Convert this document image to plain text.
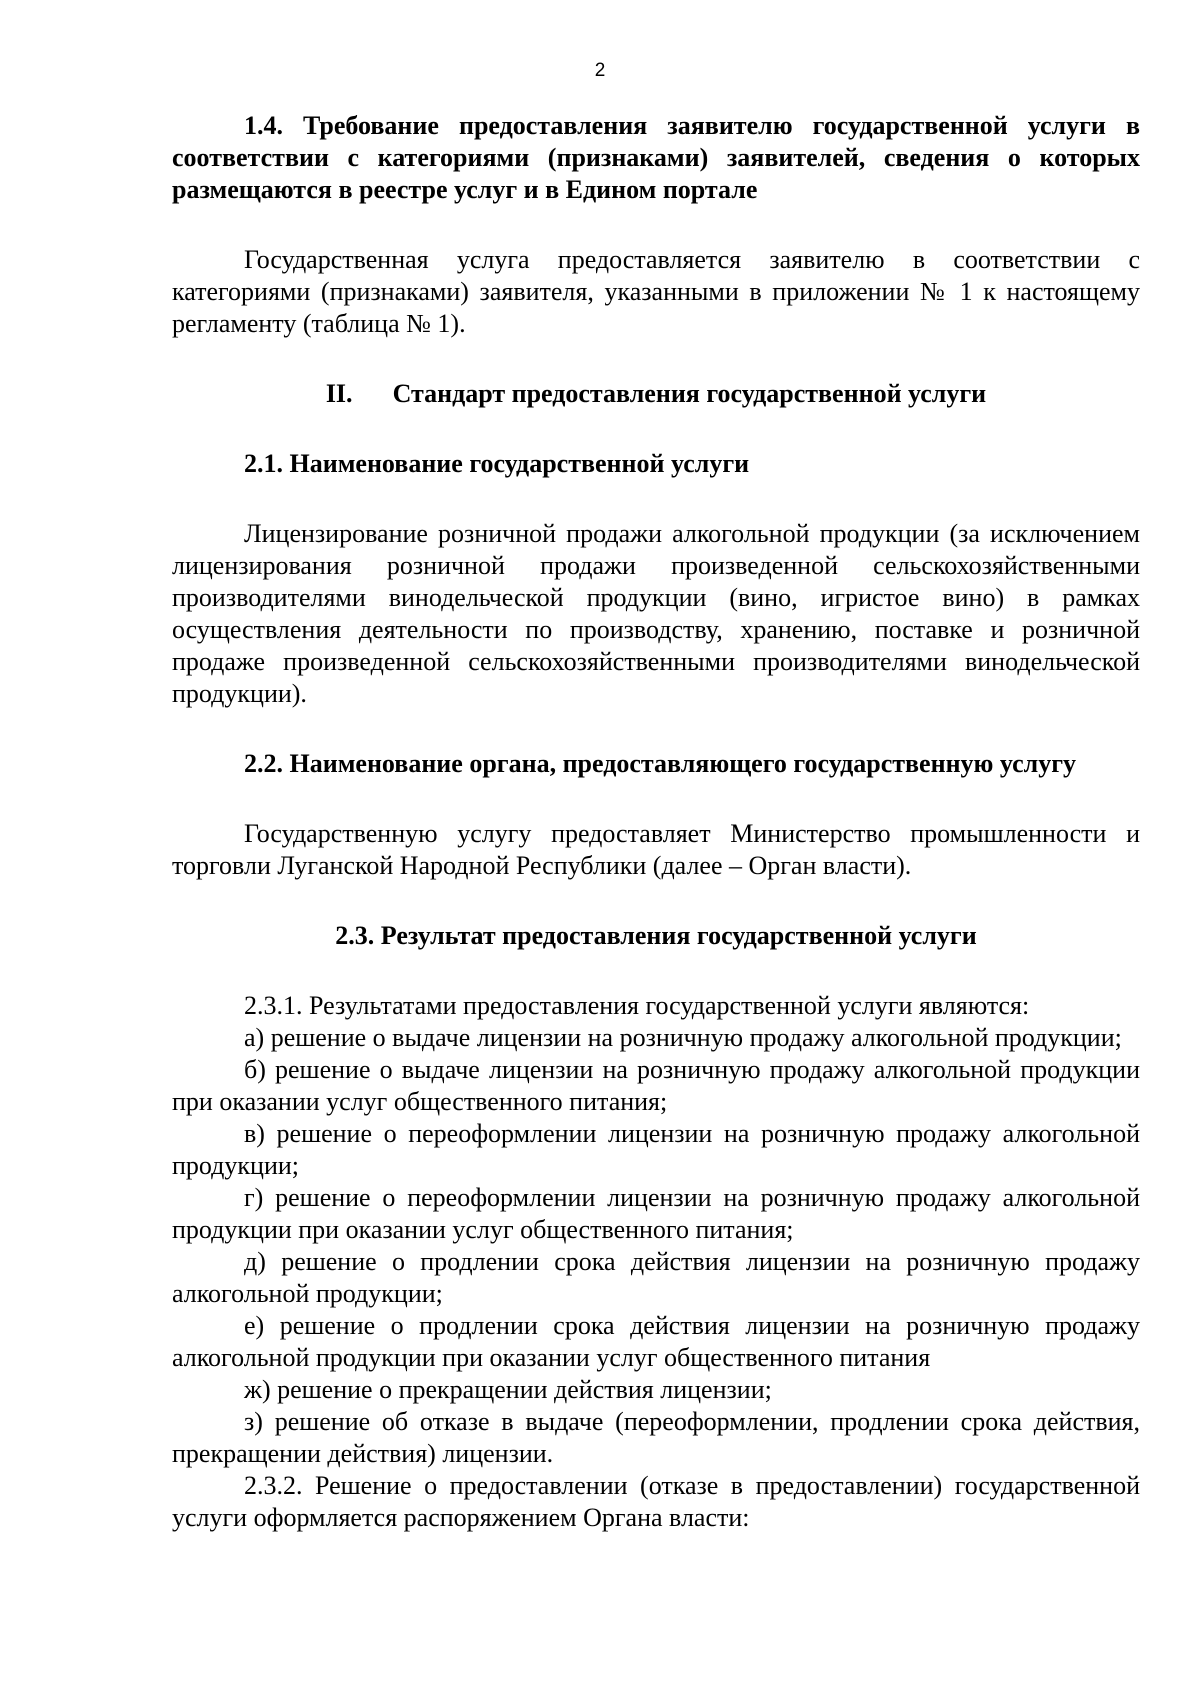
2
1.4. Требование предоставления заявителю государственной услуги в соответствии с категориями (признаками) заявителей, сведения о которых размещаются в реестре услуг и в Едином портале

Государственная услуга предоставляется заявителю в соответствии с категориями (признаками) заявителя, указанными в приложении № 1 к настоящему регламенту (таблица № 1).

II. Стандарт предоставления государственной услуги
2.1. Наименование государственной услуги

Лицензирование розничной продажи алкогольной продукции (за исключением лицензирования розничной продажи произведенной сельскохозяйственными производителями винодельческой продукции (вино, игристое вино) в рамках осуществления деятельности по производству, хранению, поставке и розничной продаже произведенной сельскохозяйственными производителями винодельческой продукции).

2.2. Наименование органа, предоставляющего государственную услугу

Государственную услугу предоставляет Министерство промышленности и торговли Луганской Народной Республики (далее – Орган власти).

2.3. Результат предоставления государственной услуги

2.3.1. Результатами предоставления государственной услуги являются:

а) решение о выдаче лицензии на розничную продажу алкогольной продукции;

б) решение о выдаче лицензии на розничную продажу алкогольной продукции при оказании услуг общественного питания;

в) решение о переоформлении лицензии на розничную продажу алкогольной продукции;

г) решение о переоформлении лицензии на розничную продажу алкогольной продукции при оказании услуг общественного питания;

д) решение о продлении срока действия лицензии на розничную продажу алкогольной продукции;

е) решение о продлении срока действия лицензии на розничную продажу алкогольной продукции при оказании услуг общественного питания

ж) решение о прекращении действия лицензии;

з) решение об отказе в выдаче (переоформлении, продлении срока действия, прекращении действия) лицензии.

2.3.2. Решение о предоставлении (отказе в предоставлении) государственной услуги оформляется распоряжением Органа власти:
